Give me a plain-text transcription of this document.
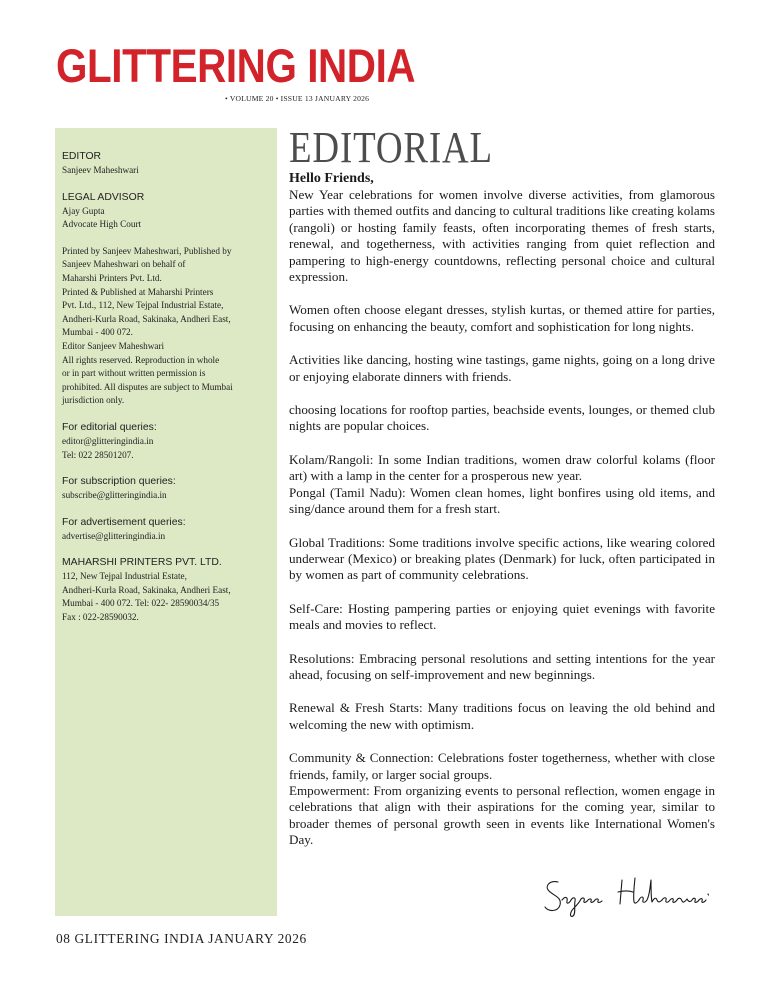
GLITTERING INDIA
• VOLUME 20 • ISSUE 13 JANUARY 2026
EDITOR
Sanjeev Maheshwari
LEGAL ADVISOR
Ajay Gupta
Advocate High Court
Printed by Sanjeev Maheshwari, Published by
Sanjeev Maheshwari on behalf of
Maharshi Printers Pvt. Ltd.
Printed & Published at Maharshi Printers
Pvt. Ltd., 112, New Tejpal Industrial Estate,
Andheri-Kurla Road, Sakinaka, Andheri East,
Mumbai - 400 072.
Editor Sanjeev Maheshwari
All rights reserved. Reproduction in whole
or in part without written permission is
prohibited. All disputes are subject to Mumbai
jurisdiction only.
For editorial queries:
editor@glitteringindia.in
Tel: 022 28501207.
For subscription queries:
subscribe@glitteringindia.in
For advertisement queries:
advertise@glitteringindia.in
MAHARSHI PRINTERS PVT. LTD.
112, New Tejpal Industrial Estate,
Andheri-Kurla Road, Sakinaka, Andheri East,
Mumbai - 400 072. Tel: 022- 28590034/35
Fax : 022-28590032.
EDITORIAL
Hello Friends,

New Year celebrations for women involve diverse activities, from glamorous parties with themed outfits and dancing to cultural traditions like creating kolams (rangoli) or hosting family feasts, often incorporating themes of fresh starts, renewal, and togetherness, with activities ranging from quiet reflection and pampering to high-energy countdowns, reflecting personal choice and cultural expression.

Women often choose elegant dresses, stylish kurtas, or themed attire for parties, focusing on enhancing the beauty, comfort and sophistication for long nights.

Activities like dancing, hosting wine tastings, game nights, going on a long drive or enjoying elaborate dinners with friends.

choosing locations for rooftop parties, beachside events, lounges, or themed club nights are popular choices.

Kolam/Rangoli: In some Indian traditions, women draw colorful kolams (floor art) with a lamp in the center for a prosperous new year.

Pongal (Tamil Nadu): Women clean homes, light bonfires using old items, and sing/dance around them for a fresh start.

Global Traditions: Some traditions involve specific actions, like wearing colored underwear (Mexico) or breaking plates (Denmark) for luck, often participated in by women as part of community celebrations.

Self-Care: Hosting pampering parties or enjoying quiet evenings with favorite meals and movies to reflect.

Resolutions: Embracing personal resolutions and setting intentions for the year ahead, focusing on self-improvement and new beginnings.

Renewal & Fresh Starts: Many traditions focus on leaving the old behind and welcoming the new with optimism.

Community & Connection: Celebrations foster togetherness, whether with close friends, family, or larger social groups.

Empowerment: From organizing events to personal reflection, women engage in celebrations that align with their aspirations for the coming year, similar to broader themes of personal growth seen in events like International Women's Day.

08 GLITTERING INDIA JANUARY 2026
